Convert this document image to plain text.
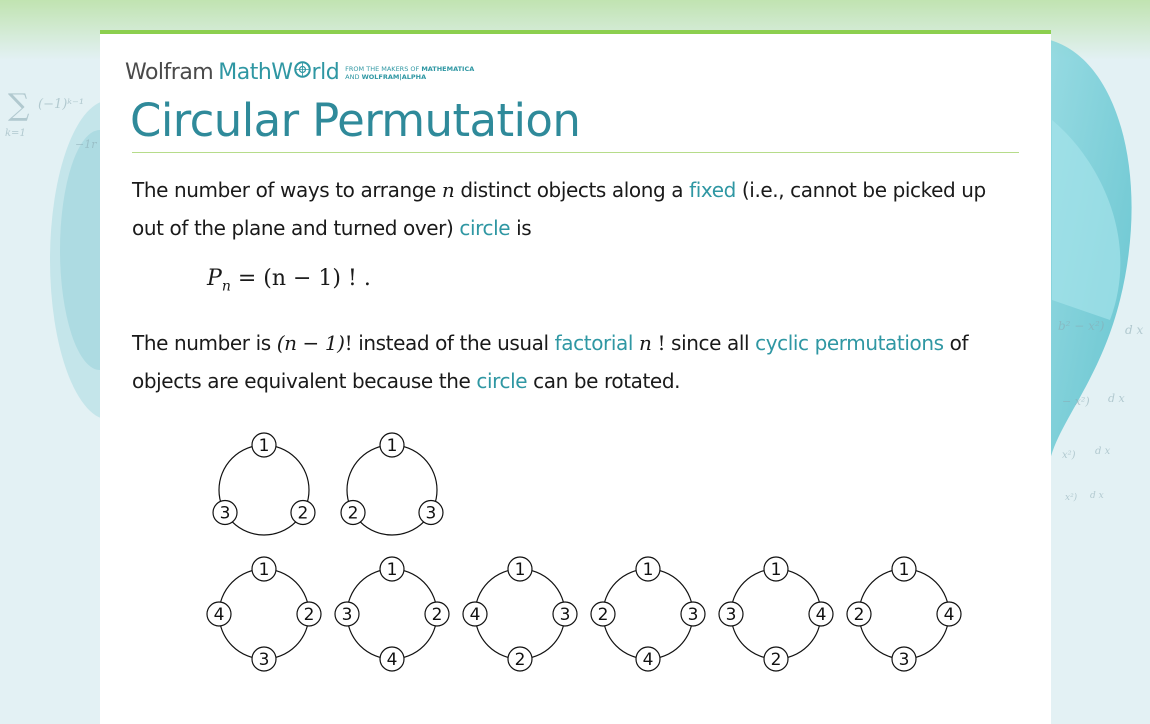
∑ (−1)ᵏ⁻¹
k=1
−1r
b² − x²) d x
− x²) d x
x²) d x
x²) d x
Wolfram MathW rld FROM THE MAKERS OF MATHEMATICA
AND WOLFRAM|ALPHA
Circular Permutation

The number of ways to arrange n distinct objects along a fixed (i.e., cannot be picked up out of the plane and turned over) circle is

$P_n = (n - 1)$ ! .

The number is (n − 1)! instead of the usual factorial n ! since all cyclic permutations of objects are equivalent because the circle can be rotated.

1
2
3
1
3
2
1
2
3
4
1
2
4
3
1
3
2
4
1
3
4
2
1
4
2
3
1
4
3
2
